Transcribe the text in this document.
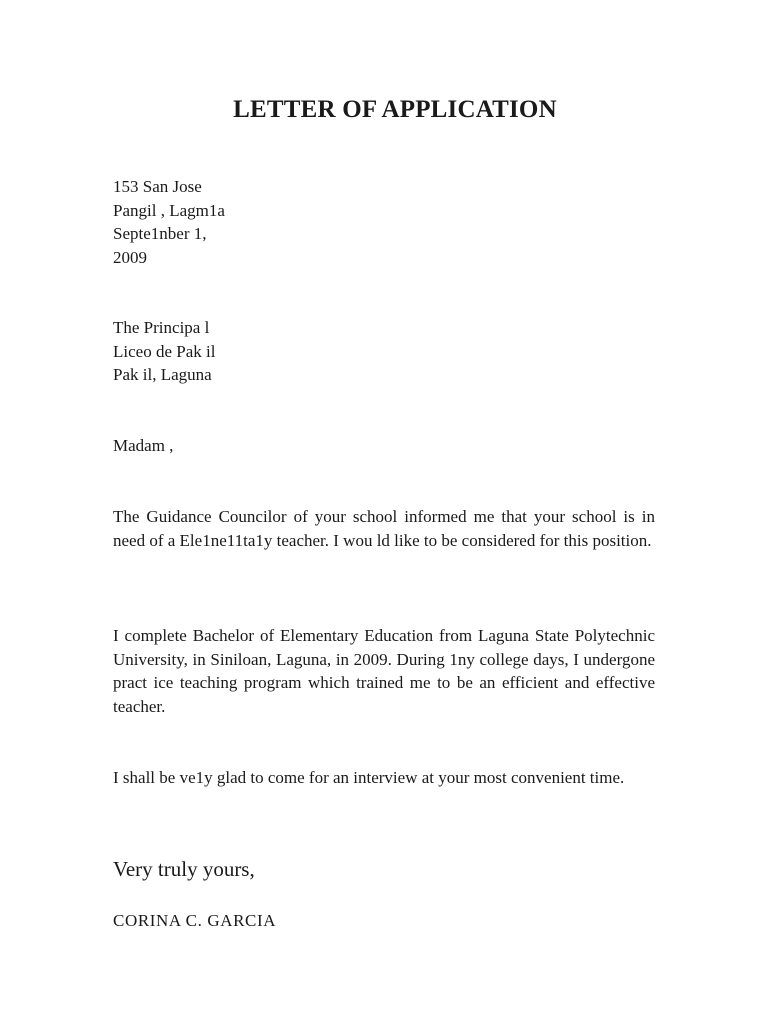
LETTER OF APPLICATION
153 San Jose
Pangil , Lagm1a
Septe1nber 1,
2009
The Principa l
Liceo de Pak il
Pak il, Laguna
Madam ,
The Guidance Councilor of your school informed me that your school is in need of a Ele1ne11ta1y teacher. I wou ld like to be considered for this position.
I complete Bachelor of Elementary Education from Laguna State Polytechnic University, in Siniloan, Laguna, in 2009. During 1ny college days, I undergone pract ice teaching program which trained me to be an efficient and effective teacher.
I shall be ve1y glad to come for an interview at your most convenient time.
Very truly yours,
CORINA C. GARCIA
